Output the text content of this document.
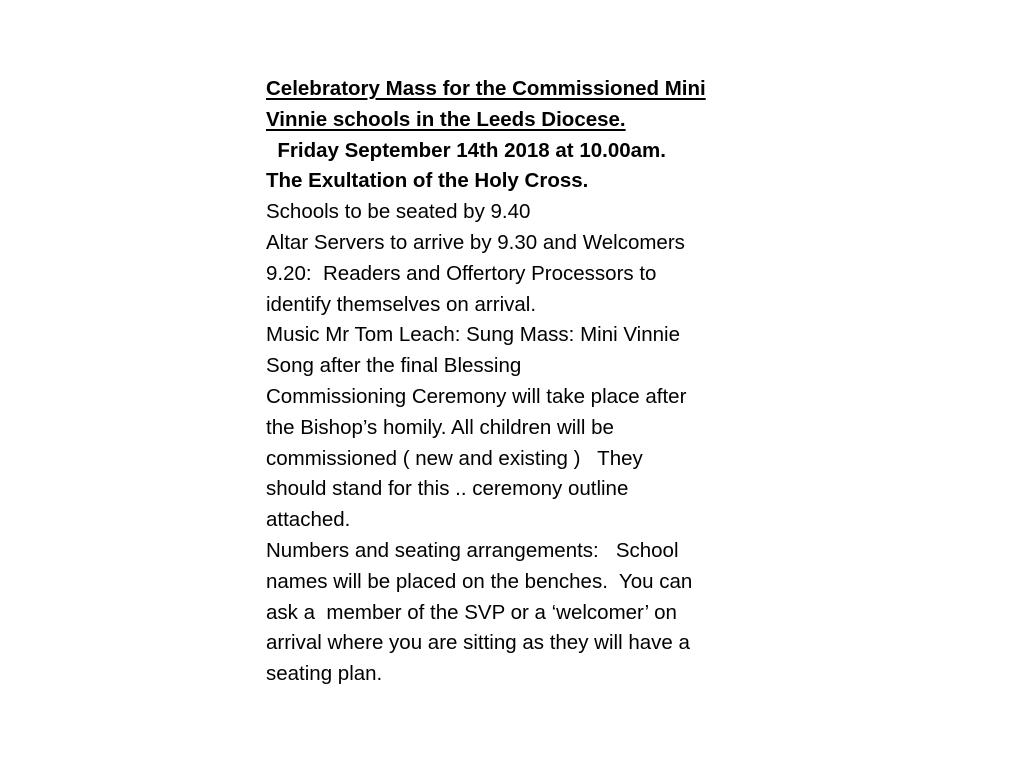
Celebratory Mass for the Commissioned Mini
Vinnie schools in the Leeds Diocese.
Friday September 14th 2018 at 10.00am.
The Exultation of the Holy Cross.
Schools to be seated by 9.40
Altar Servers to arrive by 9.30 and Welcomers
9.20:  Readers and Offertory Processors to
identify themselves on arrival.
Music Mr Tom Leach: Sung Mass: Mini Vinnie
Song after the final Blessing
Commissioning Ceremony will take place after
the Bishop’s homily. All children will be
commissioned ( new and existing )   They
should stand for this .. ceremony outline
attached.
Numbers and seating arrangements:   School
names will be placed on the benches.  You can
ask a  member of the SVP or a ‘welcomer’ on
arrival where you are sitting as they will have a
seating plan.
